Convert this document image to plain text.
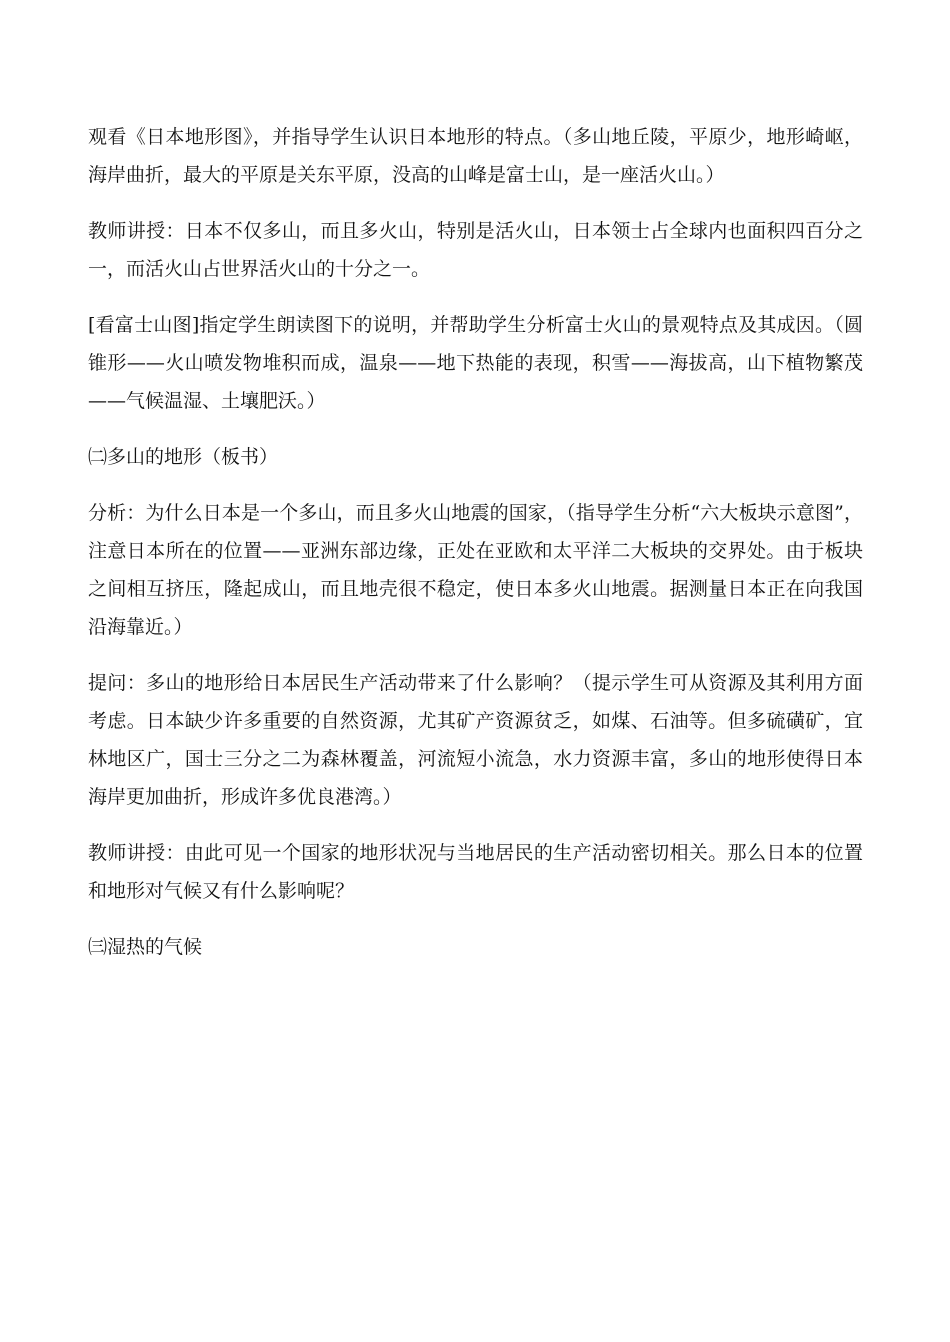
观看《日本地形图》，并指导学生认识日本地形的特点。（多山地丘陵，平原少，地形崎岖，海岸曲折，最大的平原是关东平原，没高的山峰是富士山，是一座活火山。）

教师讲授：日本不仅多山，而且多火山，特别是活火山，日本领士占全球内也面积四百分之一，而活火山占世界活火山的十分之一。

[看富士山图]指定学生朗读图下的说明，并帮助学生分析富士火山的景观特点及其成因。（圆锥形——火山喷发物堆积而成，温泉——地下热能的表现，积雪——海拔高，山下植物繁茂——气候温湿、土壤肥沃。）

㈡多山的地形（板书）

分析：为什么日本是一个多山，而且多火山地震的国家，（指导学生分析“六大板块示意图”，注意日本所在的位置——亚洲东部边缘，正处在亚欧和太平洋二大板块的交界处。由于板块之间相互挤压，隆起成山，而且地壳很不稳定，使日本多火山地震。据测量日本正在向我国沿海靠近。）

提问：多山的地形给日本居民生产活动带来了什么影响？（提示学生可从资源及其利用方面考虑。日本缺少许多重要的自然资源，尤其矿产资源贫乏，如煤、石油等。但多硫磺矿，宜林地区广，国士三分之二为森林覆盖，河流短小流急，水力资源丰富，多山的地形使得日本海岸更加曲折，形成许多优良港湾。）

教师讲授：由此可见一个国家的地形状况与当地居民的生产活动密切相关。那么日本的位置和地形对气候又有什么影响呢？

㈢湿热的气候
